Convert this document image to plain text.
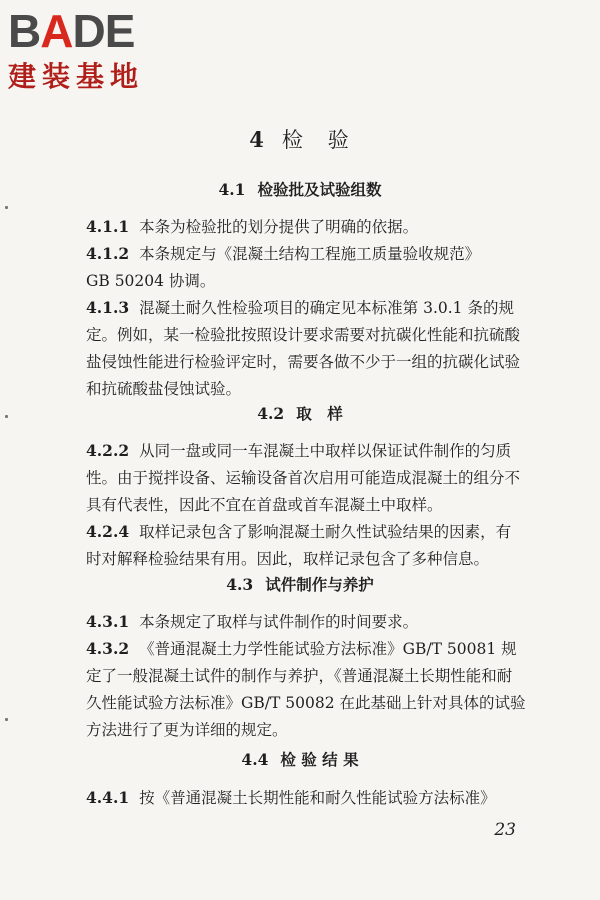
BADE
建装基地
4 检　验
4.1 检验批及试验组数
4.1.1 本条为检验批的划分提供了明确的依据。
4.1.2 本条规定与《混凝土结构工程施工质量验收规范》
GB 50204 协调。
4.1.3 混凝土耐久性检验项目的确定见本标准第 3.0.1 条的规
定。例如，某一检验批按照设计要求需要对抗碳化性能和抗硫酸
盐侵蚀性能进行检验评定时，需要各做不少于一组的抗碳化试验
和抗硫酸盐侵蚀试验。
4.2 取　样
4.2.2 从同一盘或同一车混凝土中取样以保证试件制作的匀质
性。由于搅拌设备、运输设备首次启用可能造成混凝土的组分不
具有代表性，因此不宜在首盘或首车混凝土中取样。
4.2.4 取样记录包含了影响混凝土耐久性试验结果的因素，有
时对解释检验结果有用。因此，取样记录包含了多种信息。
4.3 试件制作与养护
4.3.1 本条规定了取样与试件制作的时间要求。
4.3.2 《普通混凝土力学性能试验方法标准》GB/T 50081 规
定了一般混凝土试件的制作与养护，《普通混凝土长期性能和耐
久性能试验方法标准》GB/T 50082 在此基础上针对具体的试验
方法进行了更为详细的规定。
4.4 检 验 结 果
4.4.1 按《普通混凝土长期性能和耐久性能试验方法标准》
23
